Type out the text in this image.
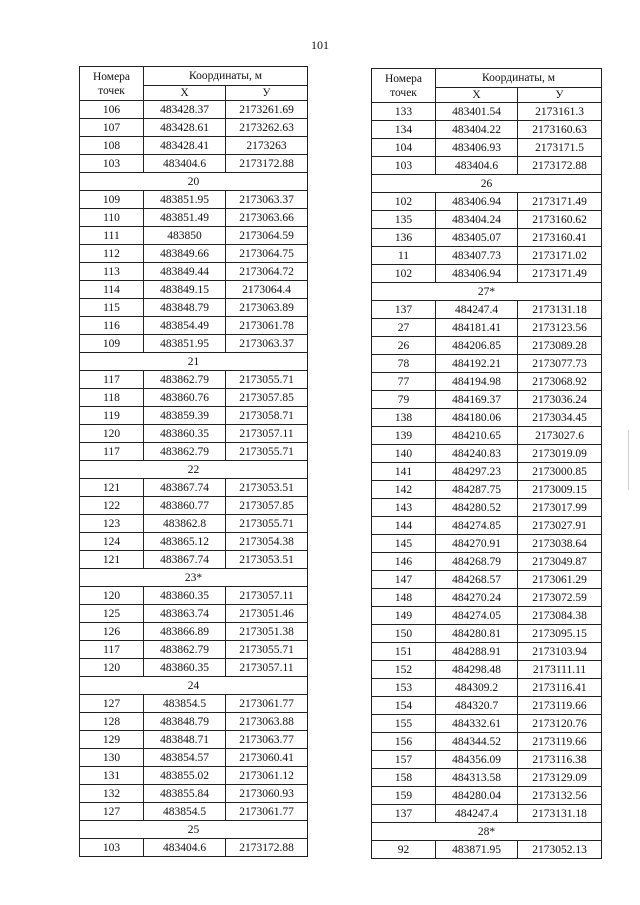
101
Номера точек	Координаты, м	
	Х	У
106	483428.37	2173261.69
107	483428.61	2173262.63
108	483428.41	2173263
103	483404.6	2173172.88
20		
109	483851.95	2173063.37
110	483851.49	2173063.66
111	483850	2173064.59
112	483849.66	2173064.75
113	483849.44	2173064.72
114	483849.15	2173064.4
115	483848.79	2173063.89
116	483854.49	2173061.78
109	483851.95	2173063.37
21		
117	483862.79	2173055.71
118	483860.76	2173057.85
119	483859.39	2173058.71
120	483860.35	2173057.11
117	483862.79	2173055.71
22		
121	483867.74	2173053.51
122	483860.77	2173057.85
123	483862.8	2173055.71
124	483865.12	2173054.38
121	483867.74	2173053.51
23*		
120	483860.35	2173057.11
125	483863.74	2173051.46
126	483866.89	2173051.38
117	483862.79	2173055.71
120	483860.35	2173057.11
24		
127	483854.5	2173061.77
128	483848.79	2173063.88
129	483848.71	2173063.77
130	483854.57	2173060.41
131	483855.02	2173061.12
132	483855.84	2173060.93
127	483854.5	2173061.77
25		
103	483404.6	2173172.88
Номера точек	Координаты, м	
	Х	У
133	483401.54	2173161.3
134	483404.22	2173160.63
104	483406.93	2173171.5
103	483404.6	2173172.88
26		
102	483406.94	2173171.49
135	483404.24	2173160.62
136	483405.07	2173160.41
11	483407.73	2173171.02
102	483406.94	2173171.49
27*		
137	484247.4	2173131.18
27	484181.41	2173123.56
26	484206.85	2173089.28
78	484192.21	2173077.73
77	484194.98	2173068.92
79	484169.37	2173036.24
138	484180.06	2173034.45
139	484210.65	2173027.6
140	484240.83	2173019.09
141	484297.23	2173000.85
142	484287.75	2173009.15
143	484280.52	2173017.99
144	484274.85	2173027.91
145	484270.91	2173038.64
146	484268.79	2173049.87
147	484268.57	2173061.29
148	484270.24	2173072.59
149	484274.05	2173084.38
150	484280.81	2173095.15
151	484288.91	2173103.94
152	484298.48	2173111.11
153	484309.2	2173116.41
154	484320.7	2173119.66
155	484332.61	2173120.76
156	484344.52	2173119.66
157	484356.09	2173116.38
158	484313.58	2173129.09
159	484280.04	2173132.56
137	484247.4	2173131.18
28*		
92	483871.95	2173052.13
